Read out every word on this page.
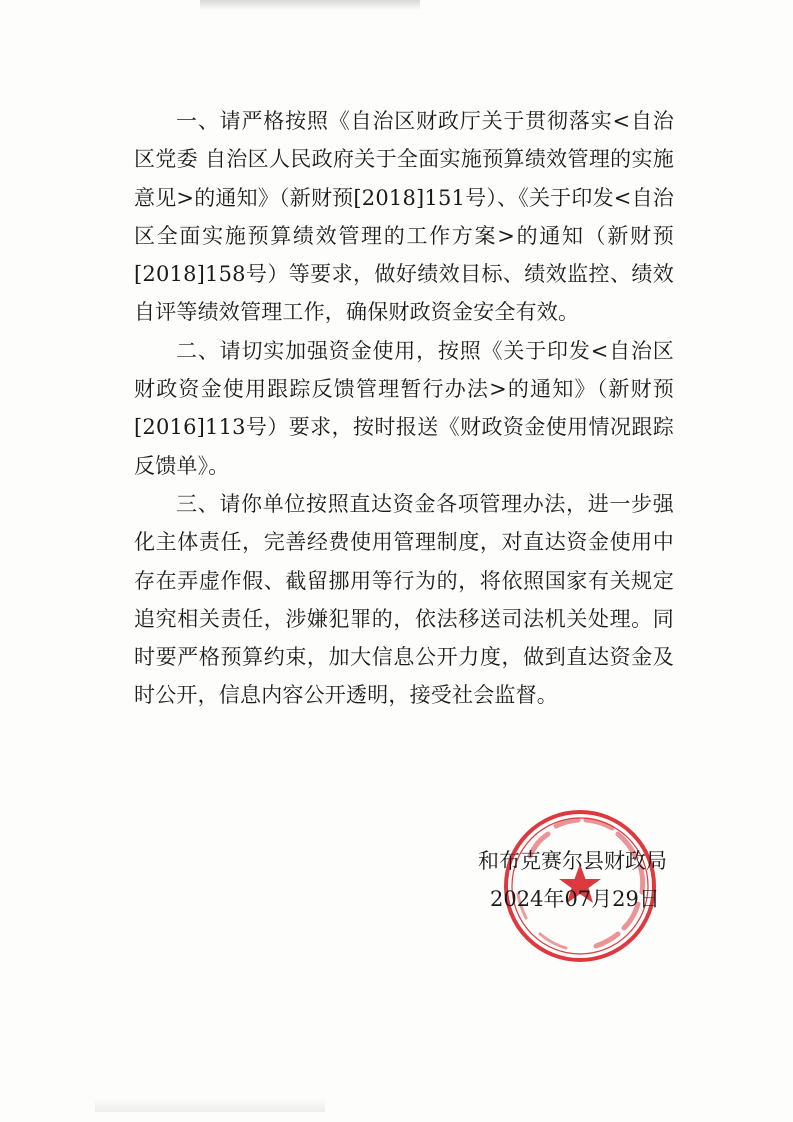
一、请严格按照《自治区财政厅关于贯彻落实<自治区党委 自治区人民政府关于全面实施预算绩效管理的实施意见>的通知》（新财预[2018]151号）、《关于印发<自治区全面实施预算绩效管理的工作方案>的通知（新财预[2018]158号）等要求，做好绩效目标、绩效监控、绩效自评等绩效管理工作，确保财政资金安全有效。

二、请切实加强资金使用，按照《关于印发<自治区财政资金使用跟踪反馈管理暂行办法>的通知》（新财预[2016]113号）要求，按时报送《财政资金使用情况跟踪反馈单》。

三、请你单位按照直达资金各项管理办法，进一步强化主体责任，完善经费使用管理制度，对直达资金使用中存在弄虚作假、截留挪用等行为的，将依照国家有关规定追究相关责任，涉嫌犯罪的，依法移送司法机关处理。同时要严格预算约束，加大信息公开力度，做到直达资金及时公开，信息内容公开透明，接受社会监督。

和布克赛尔县财政局
2024年07月29日
